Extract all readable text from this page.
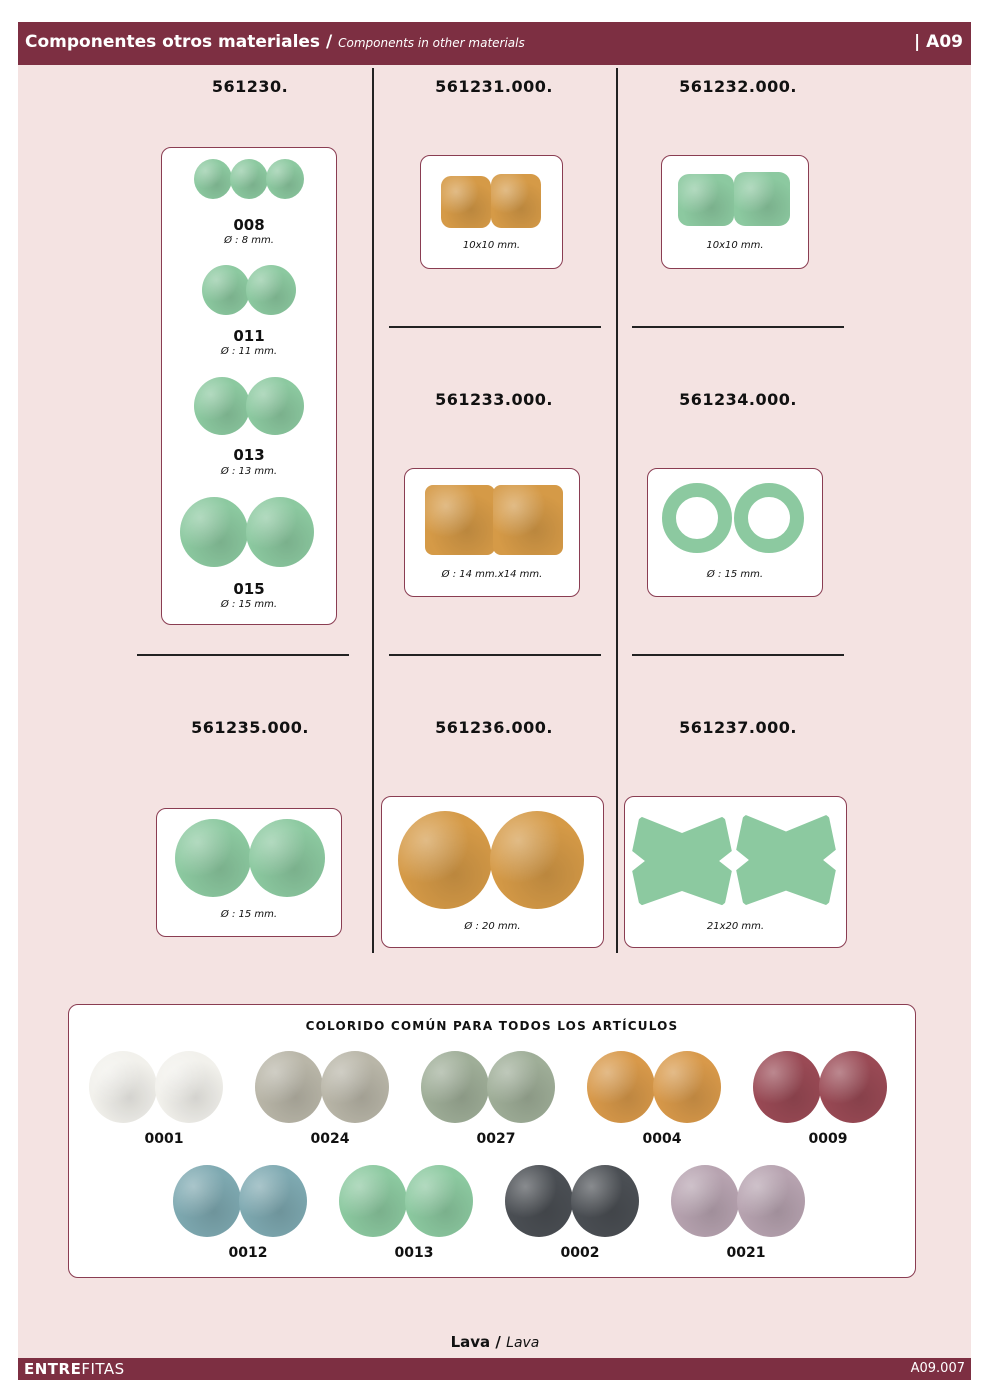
Componentes otros materiales / Components in other materials	| A09
561230.
008
Ø : 8 mm.
011
Ø : 11 mm.
013
Ø : 13 mm.
015
Ø : 15 mm.
561231.000.
10x10 mm.
561232.000.
10x10 mm.
561233.000.
Ø : 14 mm.x14 mm.
561234.000.
Ø : 15 mm.
561235.000.
Ø : 15 mm.
561236.000.
Ø : 20 mm.
561237.000.
21x20 mm.
COLORIDO COMÚN PARA TODOS LOS ARTÍCULOS
0001	0024	0027	0004	0009
0012	0013	0002	0021
Lava / Lava
ENTREFITAS	A09.007
